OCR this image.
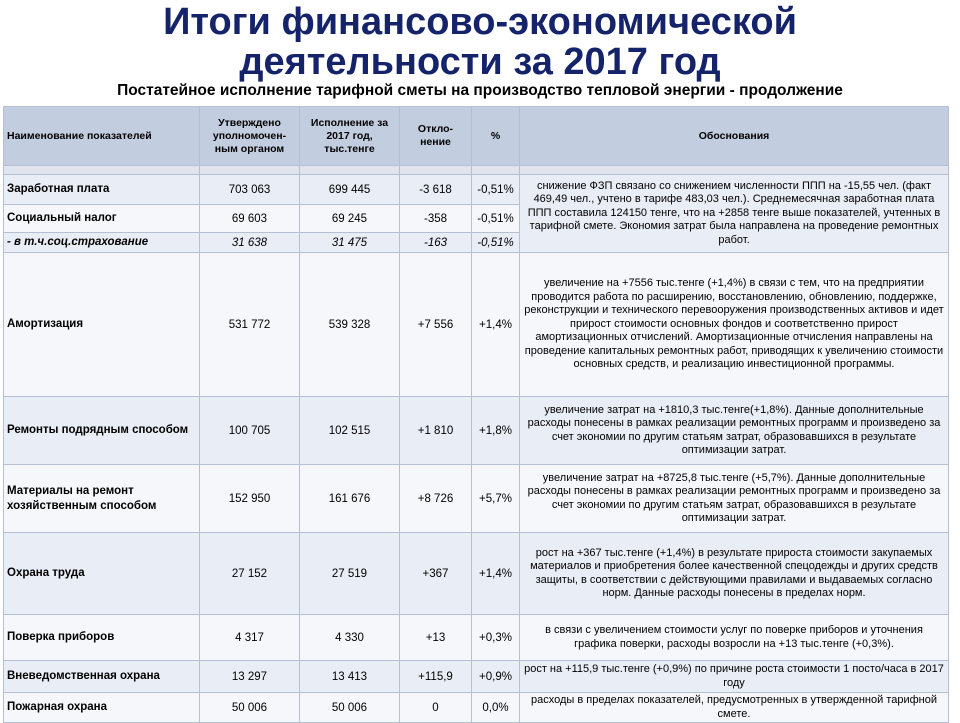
Итоги финансово-экономической
деятельности за 2017 год
Постатейное исполнение тарифной сметы на производство тепловой энергии - продолжение
Наименование показателей	Утверждено уполномочен-ным органом	Исполнение за 2017 год, тыс.тенге	Откло-нение	%	Обоснования

Заработная плата	703 063	699 445	-3 618	-0,51%	снижение ФЗП связано со снижением численности ППП на -15,55 чел. (факт 469,49 чел., учтено в тарифе 483,03 чел.). Среднемесячная заработная плата ППП составила 124150 тенге, что на +2858 тенге выше показателей, учтенных в тарифной смете. Экономия затрат была направлена на проведение ремонтных работ.
Социальный налог	69 603	69 245	-358	-0,51%	
- в т.ч.соц.страхование	31 638	31 475	-163	-0,51%	
Амортизация	531 772	539 328	+7 556	+1,4%	увеличение на +7556 тыс.тенге (+1,4%) в связи с тем, что на предприятии проводится работа по расширению, восстановлению, обновлению, поддержке, реконструкции и технического перевооружения производственных активов и идет прирост стоимости основных фондов и соответственно прирост амортизационных отчислений. Амортизационные отчисления направлены на проведение капитальных ремонтных работ, приводящих к увеличению стоимости основных средств, и реализацию инвестиционной программы.
Ремонты подрядным способом	100 705	102 515	+1 810	+1,8%	увеличение затрат на +1810,3 тыс.тенге(+1,8%). Данные дополнительные расходы понесены в рамках реализации ремонтных программ и произведено за счет экономии по другим статьям затрат, образовавшихся в результате оптимизации затрат.
Материалы на ремонт хозяйственным способом	152 950	161 676	+8 726	+5,7%	увеличение затрат на +8725,8 тыс.тенге (+5,7%). Данные дополнительные расходы понесены в рамках реализации ремонтных программ и произведено за счет экономии по другим статьям затрат, образовавшихся в результате оптимизации затрат.
Охрана труда	27 152	27 519	+367	+1,4%	рост на +367 тыс.тенге (+1,4%) в результате прироста стоимости закупаемых материалов и приобретения более качественной спецодежды и других средств защиты, в соответствии с действующими правилами и выдаваемых согласно норм. Данные расходы понесены в пределах норм.
Поверка приборов	4 317	4 330	+13	+0,3%	в связи с увеличением стоимости услуг по поверке приборов и уточнения графика поверки, расходы возросли на +13 тыс.тенге (+0,3%).
Вневедомственная охрана	13 297	13 413	+115,9	+0,9%	рост на +115,9 тыс.тенге (+0,9%) по причине роста стоимости 1 посто/часа в 2017 году
Пожарная охрана	50 006	50 006	0	0,0%	расходы в пределах показателей, предусмотренных в утвержденной тарифной смете.
